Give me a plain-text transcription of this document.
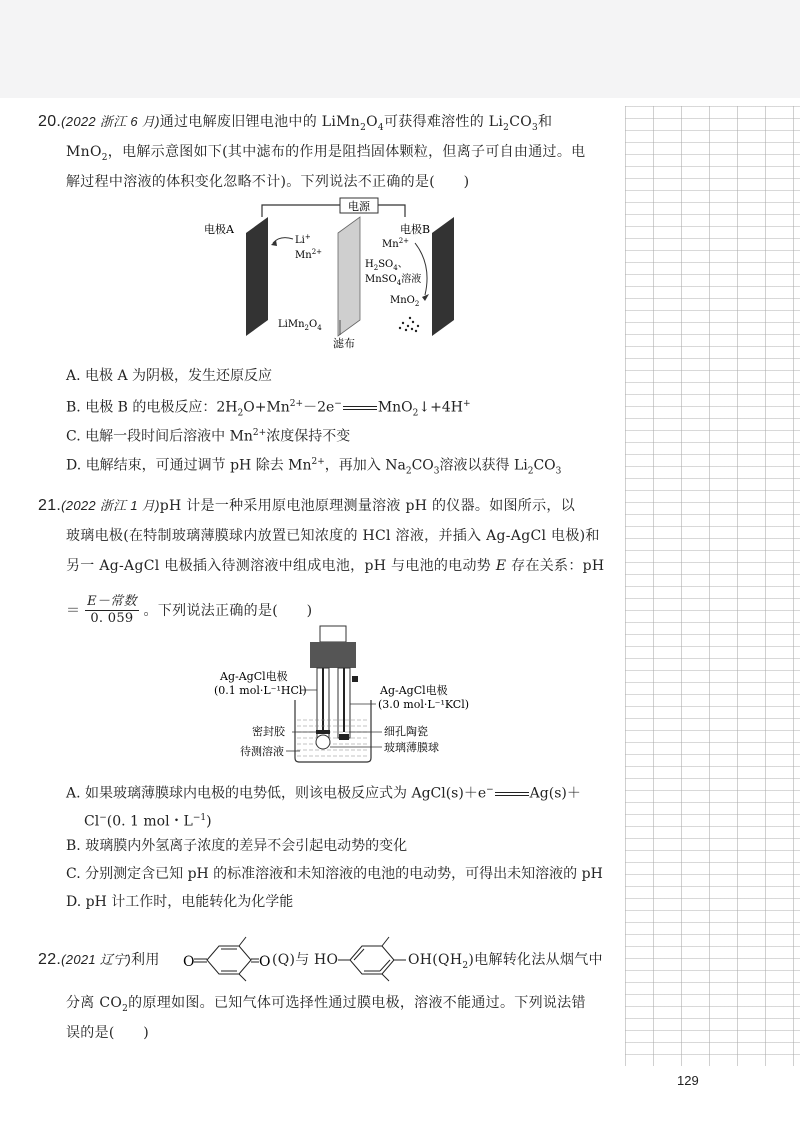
20.(2022 浙江 6 月)通过电解废旧锂电池中的 $LiMn_2O_4$可获得难溶性的 $Li_2CO_3$和
MnO$_2$，电解示意图如下(其中滤布的作用是阻挡固体颗粒，但离子可自由通过。电
解过程中溶液的体积变化忽略不计)。下列说法不正确的是(　　)
电源
电极A	电极B
Li+
$Mn^{2+}$
$Mn^{2+}$
$H_2SO_4$、
MnSO$_4$溶液
MnO$_2$
$LiMn_2O_4$
滤布
A. 电极 A 为阴极，发生还原反应
B. 电极 B 的电极反应：$2H_2O+Mn^{2+}-2e^-$	MnO$_2$↓+4H+
C. 电解一段时间后溶液中 $Mn^{2+}$浓度保持不变
D. 电解结束，可通过调节 pH 除去 $Mn^{2+}$，再加入 $Na_2CO_3$溶液以获得 $Li_2CO_3$
21.(2022 浙江 1 月)pH 计是一种采用原电池原理测量溶液 pH 的仪器。如图所示，以
玻璃电极(在特制玻璃薄膜球内放置已知浓度的 HCl 溶液，并插入 Ag-AgCl 电极)和
另一 Ag-AgCl 电极插入待测溶液中组成电池，pH 与电池的电动势 E 存在关系：pH
＝
E－常数
0. 059 。下列说法正确的是(　　)
Ag-AgCl电极
(0.1 mol·L⁻¹HCl)
密封胶
待测溶液
Ag-AgCl电极
(3.0 mol·L⁻¹KCl)
细孔陶瓷
玻璃薄膜球
A. 如果玻璃薄膜球内电极的电势低，则该电极反应式为 AgCl(s)＋e−	Ag(s)＋
Cl−(0. 1 mol・$L^{-1}$)
B. 玻璃膜内外氢离子浓度的差异不会引起电动势的变化
C. 分别测定含已知 pH 的标准溶液和未知溶液的电池的电动势，可得出未知溶液的 pH
D. pH 计工作时，电能转化为化学能
22.(2021 辽宁)利用 O	O (Q)与 HO	$OH(QH_2)$电解转化法从烟气中
分离 $CO_2$的原理如图。已知气体可选择性通过膜电极，溶液不能通过。下列说法错
误的是(　　)
129
